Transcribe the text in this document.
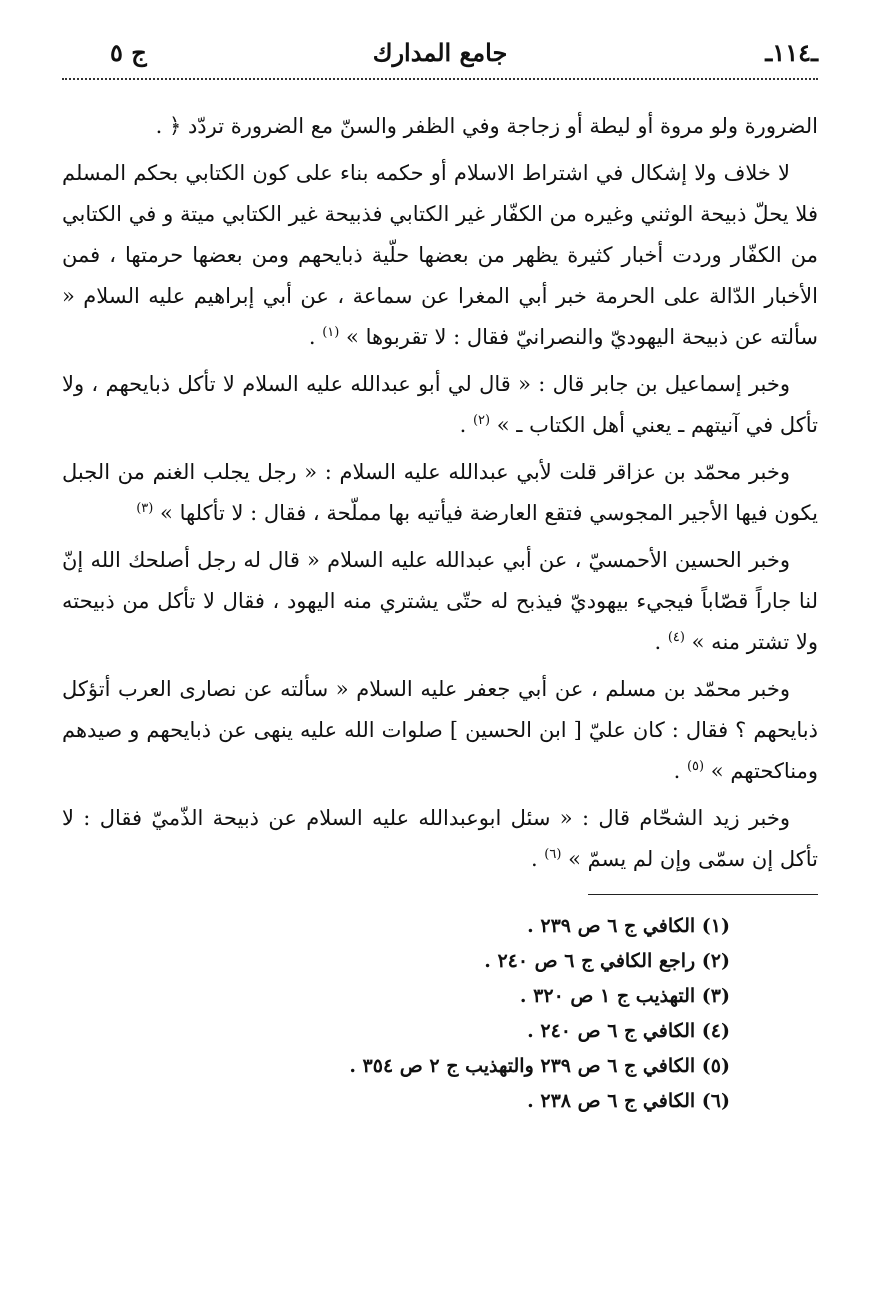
ـ١١٤ـ
جامع المدارك
ج ٥

الضرورة ولو مروة أو ليطة أو زجاجة وفي الظفر والسنّ مع الضرورة تردّد ﴿ .

لا خلاف ولا إشكال في اشتراط الاسلام أو حكمه بناء على كون الكتابي بحكم المسلم فلا يحلّ ذبيحة الوثني وغيره من الكفّار غير الكتابي فذبيحة غير الكتابي ميتة و في الكتابي من الكفّار وردت أخبار كثيرة يظهر من بعضها حلّية ذبايحهم ومن بعضها حرمتها ، فمن الأخبار الدّالة على الحرمة خبر أبي المغرا عن سماعة ، عن أبي إبراهيم عليه السلام « سألته عن ذبيحة اليهوديّ والنصرانيّ فقال : لا تقربوها » $^{(١)}$ .

وخبر إسماعيل بن جابر قال : « قال لي أبو عبدالله عليه السلام لا تأكل ذبايحهم ، ولا تأكل في آنيتهم ـ يعني أهل الكتاب ـ » $^{(٢)}$ .

وخبر محمّد بن عزاقر قلت لأبي عبدالله عليه السلام : « رجل يجلب الغنم من الجبل يكون فيها الأجير المجوسي فتقع العارضة فيأتيه بها مملّحة ، فقال : لا تأكلها » $^{(٣)}$

وخبر الحسين الأحمسيّ ، عن أبي عبدالله عليه السلام « قال له رجل أصلحك الله إنّ لنا جاراً قصّاباً فيجيء بيهوديّ فيذبح له حتّى يشتري منه اليهود ، فقال لا تأكل من ذبيحته ولا تشتر منه » $^{(٤)}$ .

وخبر محمّد بن مسلم ، عن أبي جعفر عليه السلام « سألته عن نصارى العرب أتؤكل ذبايحهم ؟ فقال : كان عليّ [ ابن الحسين ] صلوات الله عليه ينهى عن ذبايحهم و صيدهم ومناكحتهم » $^{(٥)}$ .

وخبر زيد الشحّام قال : « سئل ابوعبدالله عليه السلام عن ذبيحة الذّميّ فقال : لا تأكل إن سمّى وإن لم يسمّ » $^{(٦)}$ .

(١) الكافي ج ٦ ص ٢٣٩ .
(٢) راجع الكافي ج ٦ ص ٢٤٠ .
(٣) التهذيب ج ١ ص ٣٢٠ .
(٤) الكافي ج ٦ ص ٢٤٠ .
(٥) الكافي ج ٦ ص ٢٣٩ والتهذيب ج ٢ ص ٣٥٤ .
(٦) الكافي ج ٦ ص ٢٣٨ .
